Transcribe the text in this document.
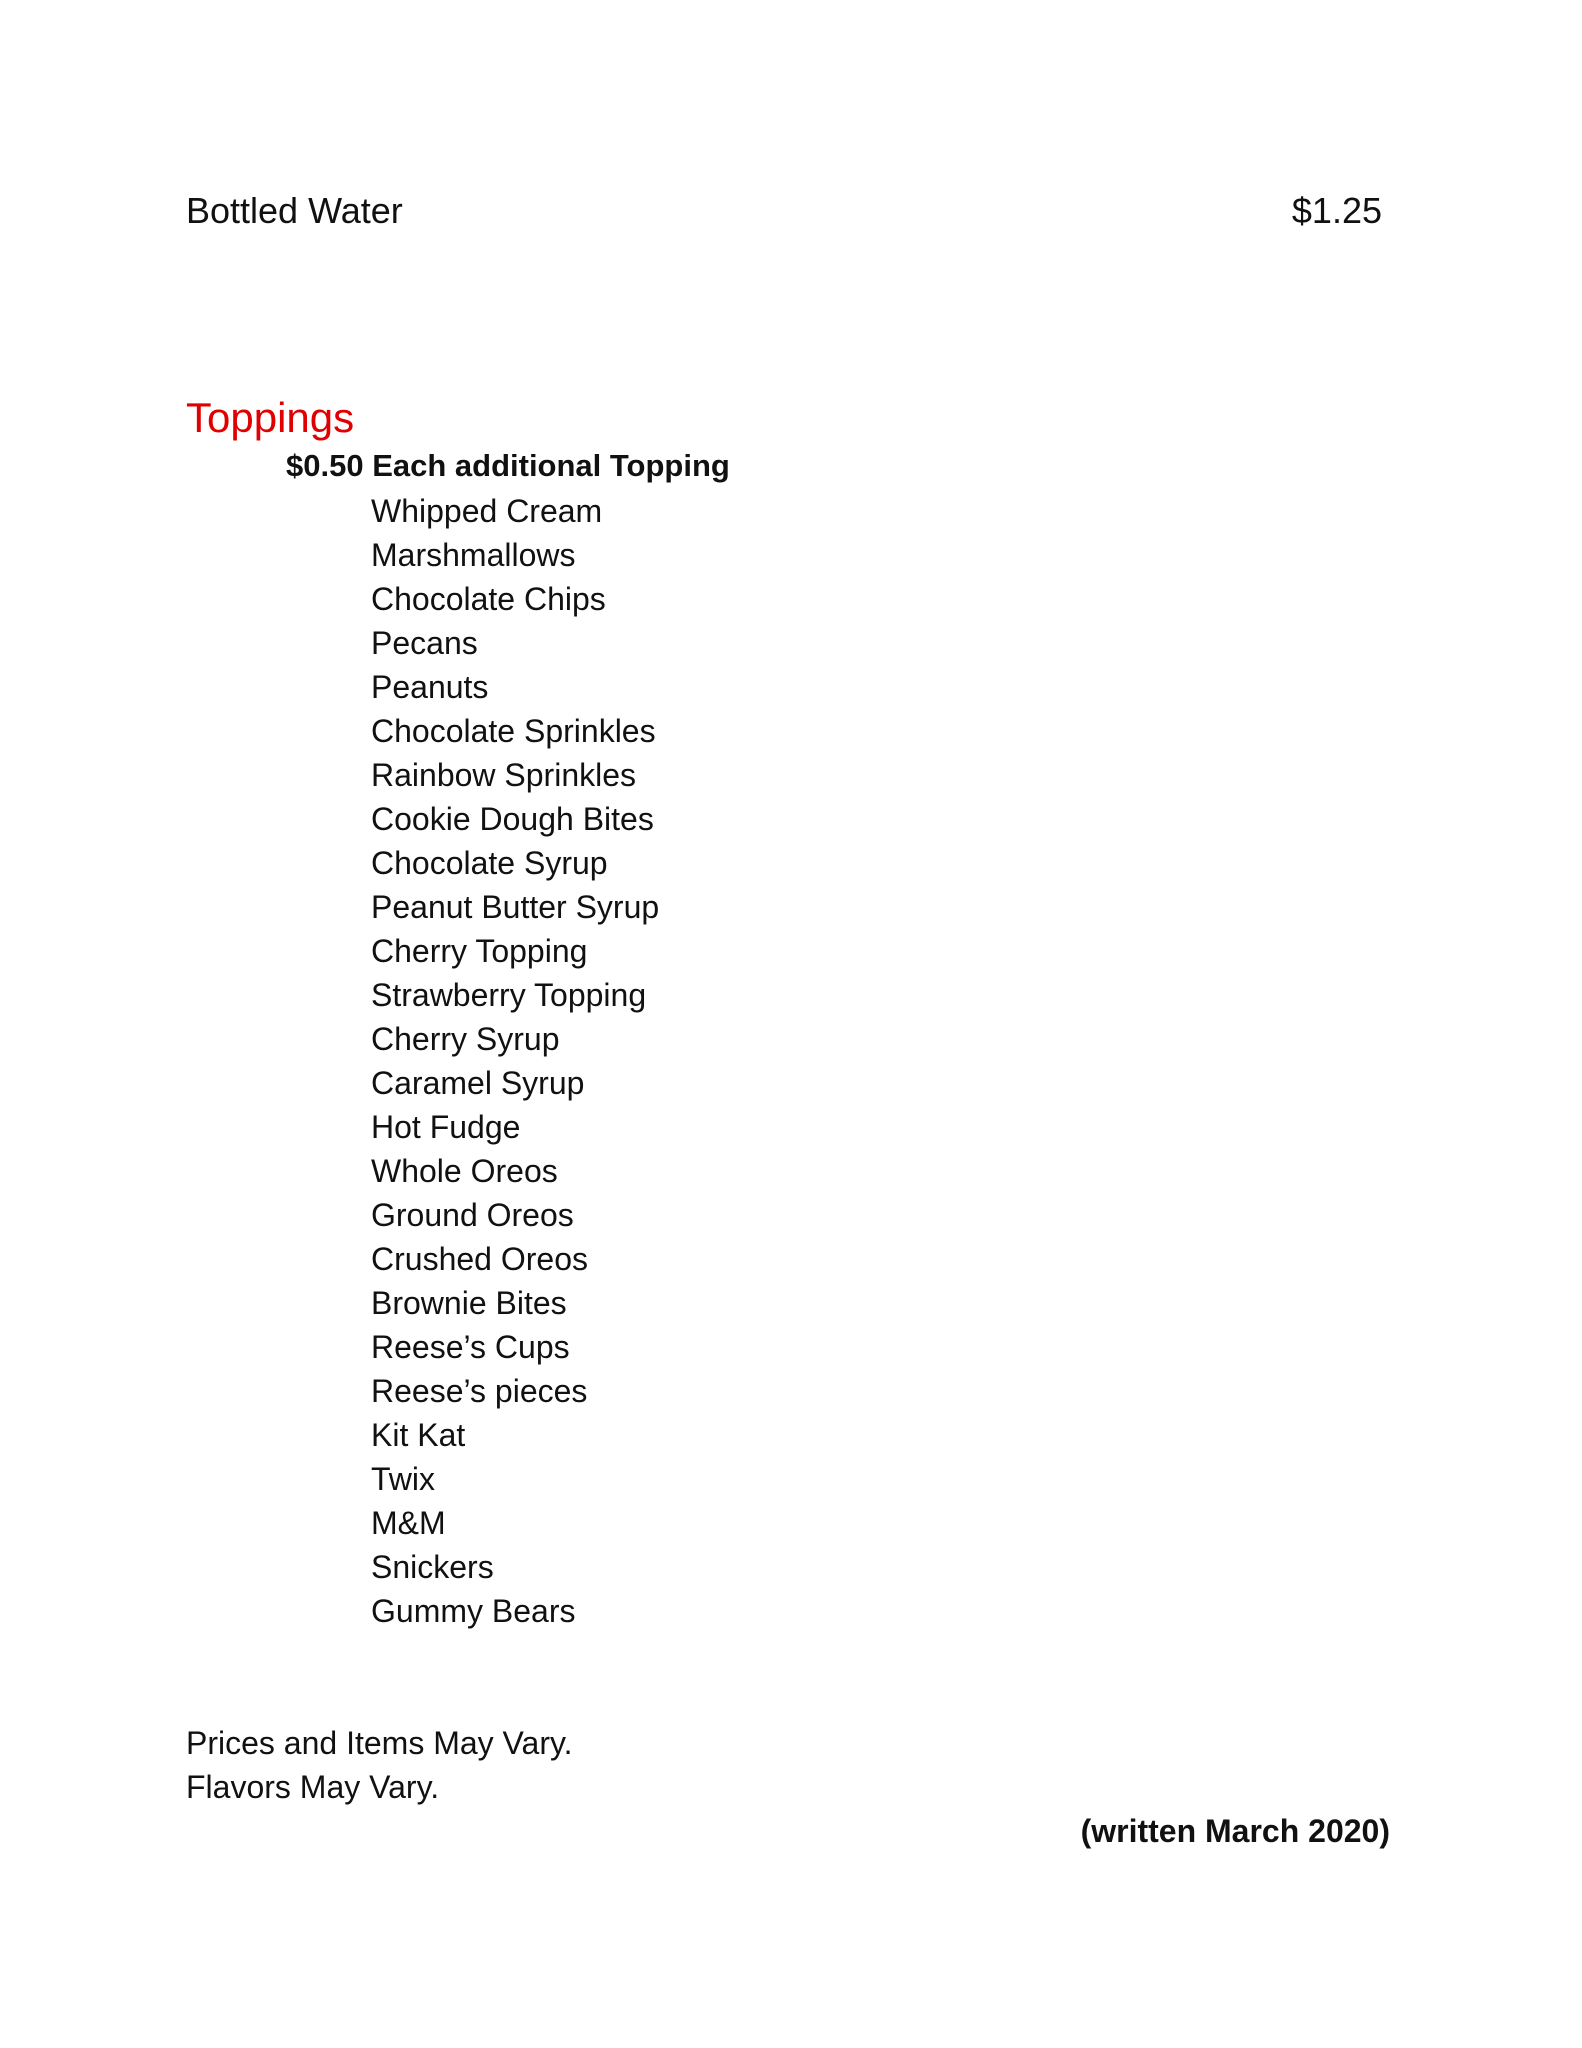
Bottled Water	$1.25
Toppings
$0.50 Each additional Topping
Whipped Cream
Marshmallows
Chocolate Chips
Pecans
Peanuts
Chocolate Sprinkles
Rainbow Sprinkles
Cookie Dough Bites
Chocolate Syrup
Peanut Butter Syrup
Cherry Topping
Strawberry Topping
Cherry Syrup
Caramel Syrup
Hot Fudge
Whole Oreos
Ground Oreos
Crushed Oreos
Brownie Bites
Reese’s Cups
Reese’s pieces
Kit Kat
Twix
M&M
Snickers
Gummy Bears
Prices and Items May Vary.
Flavors May Vary.
(written March 2020)
